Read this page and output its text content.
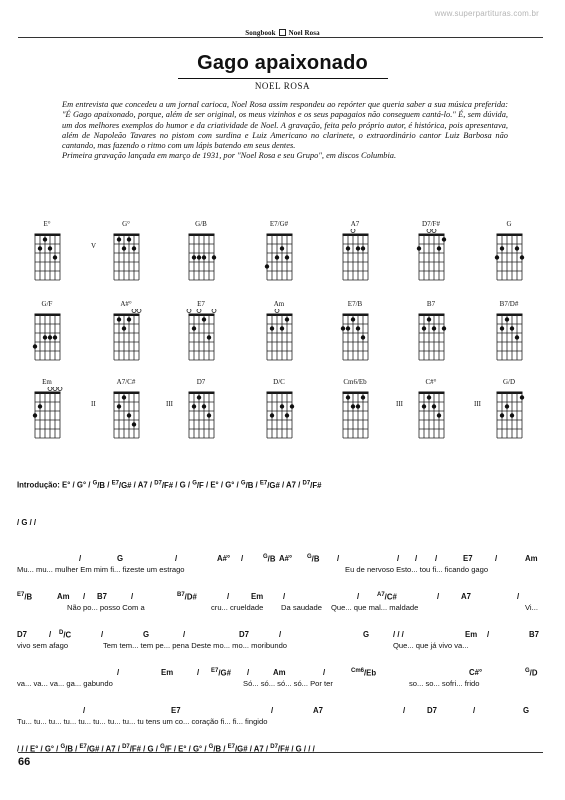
www.superpartituras.com.br
Songbook Noel Rosa
Gago apaixonado
NOEL ROSA
Em entrevista que concedeu a um jornal carioca, Noel Rosa assim respondeu ao repórter que queria saber a sua música preferida: "É Gago apaixonado, porque, além de ser original, os meus vizinhos e os seus papagaios não conseguem cantá-lo." É, sem dúvida, um dos melhores exemplos do humor e da criatividade de Noel. A gravação, feita pelo próprio autor, é histórica, pois apresentava, além de Napoleão Tavares no pistom com surdina e Luiz Americano no clarinete, o extraordinário cantor Luiz Barbosa não cantando, mas fazendo o ritmo com um lápis batendo em seus dentes.
Primeira gravação lançada em março de 1931, por "Noel Rosa e seu Grupo", em discos Columbia.
E°	G°
V
G/B	E7/G#	A7	D7/F#	G
G/F	A#°	E7	Am	E7/B	B7	B7/D#
Em	A7/C#
II
D7
III
D/C	Cm6/Eb	C#°
III
G/D
III
Introdução: E° / G° / $^G$/B / $^{E7}$/G# / A7 / $^{D7}$/F# / G / $^G$/F / E° / G° / $^G$/B / $^{E7}$/G# / A7 / $^{D7}$/F#
/ G / /
/	G	/	A#° /	$^G$/B A#° $^G$/B /	/ / /	E7	/	Am
Mu... mu... mulher Em mim fi... fizeste um estrago	Eu de nervoso Esto... tou fi... ficando gago
$^{E7}$/B	Am / B7	/	$^{B7}$/D#	/	Em	/	/	$^{A7}$/C#	/	A7	/
Não po... posso Com a	cru... crueldade Da saudade Que... que mal... maldade	Vi...
D7	/ $^D$/C	/	G	/	D7	/	G	/ / /	Em /	B7
vivo sem afago	Tem tem... tem pe... pena Deste mo... mo... moribundo	Que... que já vivo va...
/	Em	/ $^{E7}$/G# /	Am	/	$^{Cm6}$/Eb	C#°	$^G$/D
va... va... va... ga... gabundo	Só... só... só... só... Por ter	so... so... sofri... frido
/	E7	/	A7	/	D7	/	G
Tu... tu... tu... tu... tu... tu... tu... tu... tu tens um co... coração fi... fi... fingido
/ / / E° / G° / $^G$/B / $^{E7}$/G# / A7 / $^{D7}$/F# / G / $^G$/F / E° / G° / $^G$/B / $^{E7}$/G# / A7 / $^{D7}$/F# / G / / /
66
